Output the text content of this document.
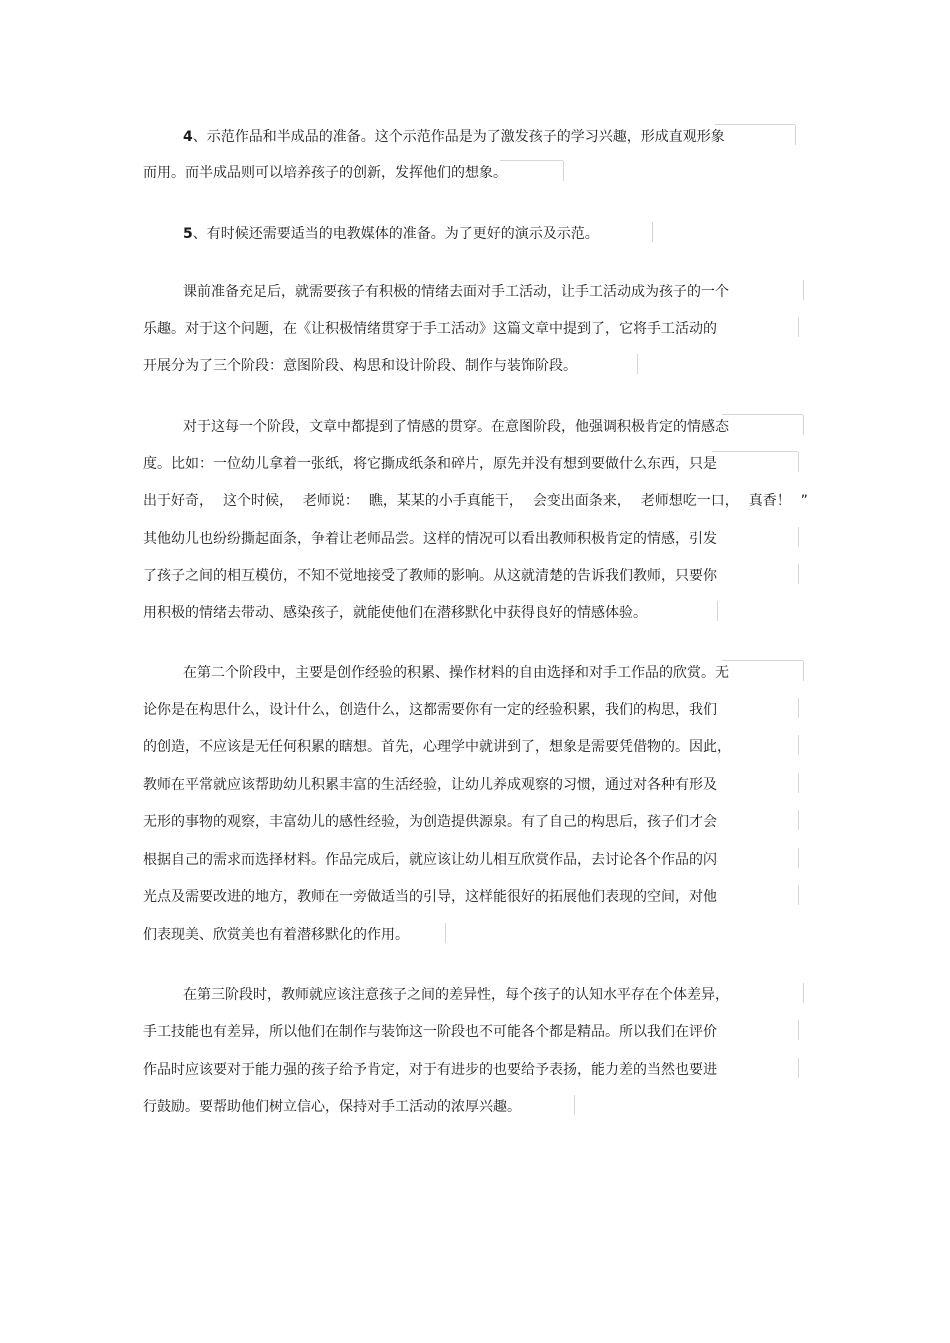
4、示范作品和半成品的准备。这个示范作品是为了激发孩子的学习兴趣，形成直观形象
而用。而半成品则可以培养孩子的创新，发挥他们的想象。
5、有时候还需要适当的电教媒体的准备。为了更好的演示及示范。
课前准备充足后，就需要孩子有积极的情绪去面对手工活动，让手工活动成为孩子的一个
乐趣。对于这个问题，在《让积极情绪贯穿于手工活动》这篇文章中提到了，它将手工活动的
开展分为了三个阶段：意图阶段、构思和设计阶段、制作与装饰阶段。
对于这每一个阶段，文章中都提到了情感的贯穿。在意图阶段，他强调积极肯定的情感态
度。比如：一位幼儿拿着一张纸，将它撕成纸条和碎片，原先并没有想到要做什么东西，只是
出于好奇， 这个时候， 老师说： 瞧，某某的小手真能干， 会变出面条来， 老师想吃一口， 真香！ ”
其他幼儿也纷纷撕起面条，争着让老师品尝。这样的情况可以看出教师积极肯定的情感，引发
了孩子之间的相互模仿，不知不觉地接受了教师的影响。从这就清楚的告诉我们教师，只要你
用积极的情绪去带动、感染孩子，就能使他们在潜移默化中获得良好的情感体验。
在第二个阶段中，主要是创作经验的积累、操作材料的自由选择和对手工作品的欣赏。无
论你是在构思什么，设计什么，创造什么，这都需要你有一定的经验积累，我们的构思，我们
的创造，不应该是无任何积累的瞎想。首先，心理学中就讲到了，想象是需要凭借物的。因此，
教师在平常就应该帮助幼儿积累丰富的生活经验，让幼儿养成观察的习惯，通过对各种有形及
无形的事物的观察，丰富幼儿的感性经验，为创造提供源泉。有了自己的构思后，孩子们才会
根据自己的需求而选择材料。作品完成后，就应该让幼儿相互欣赏作品，去讨论各个作品的闪
光点及需要改进的地方，教师在一旁做适当的引导，这样能很好的拓展他们表现的空间，对他
们表现美、欣赏美也有着潜移默化的作用。
在第三阶段时，教师就应该注意孩子之间的差异性，每个孩子的认知水平存在个体差异，
手工技能也有差异，所以他们在制作与装饰这一阶段也不可能各个都是精品。所以我们在评价
作品时应该要对于能力强的孩子给予肯定，对于有进步的也要给予表扬，能力差的当然也要进
行鼓励。要帮助他们树立信心，保持对手工活动的浓厚兴趣。
